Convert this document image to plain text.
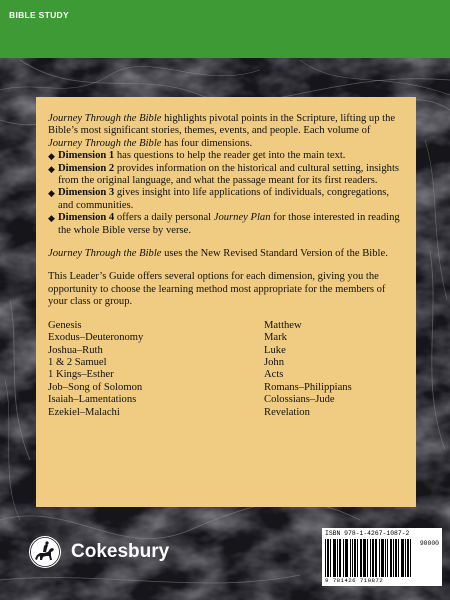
BIBLE STUDY

Journey Through the Bible highlights pivotal points in the Scripture, lifting up the Bible’s most significant stories, themes, events, and people. Each volume of Journey Through the Bible has four dimensions.

◆ Dimension 1 has questions to help the reader get into the main text.
◆ Dimension 2 provides information on the historical and cultural setting, insights from the original language, and what the passage meant for its first readers.
◆ Dimension 3 gives insight into life applications of individuals, congregations, and communities.
◆ Dimension 4 offers a daily personal Journey Plan for those interested in reading the whole Bible verse by verse.

Journey Through the Bible uses the New Revised Standard Version of the Bible.

This Leader’s Guide offers several options for each dimension, giving you the opportunity to choose the learning method most appropriate for the members of your class or group.

Genesis
Exodus–Deuteronomy
Joshua–Ruth
1 & 2 Samuel
1 Kings–Esther
Job–Song of Solomon
Isaiah–Lamentations
Ezekiel–Malachi
Matthew
Mark
Luke
John
Acts
Romans–Philippians
Colossians–Jude
Revelation
Cokesbury
ISBN 978-1-4267-1087-2
90000
9 781426 710872
